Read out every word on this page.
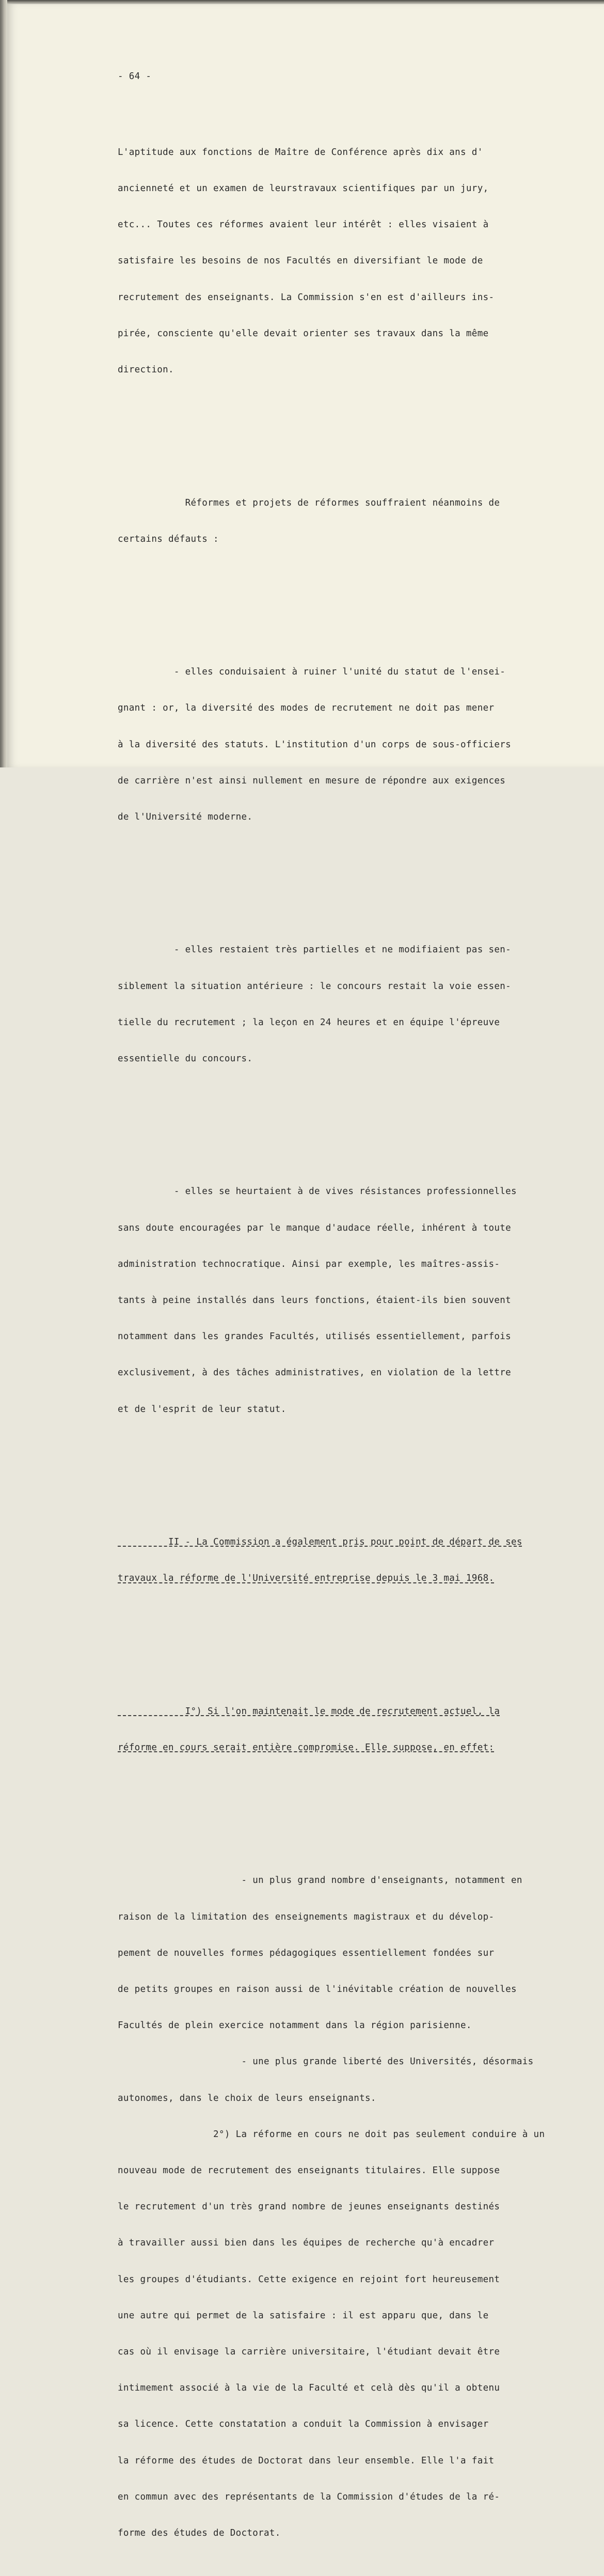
- 64 -

L'aptitude aux fonctions de Maître de Conférence après dix ans d'

ancienneté et un examen de leurstravaux scientifiques par un jury,

etc... Toutes ces réformes avaient leur intérêt : elles visaient à

satisfaire les besoins de nos Facultés en diversifiant le mode de

recrutement des enseignants. La Commission s'en est d'ailleurs ins-

pirée, consciente qu'elle devait orienter ses travaux dans la même

direction.

Réformes et projets de réformes souffraient néanmoins de

certains défauts :

- elles conduisaient à ruiner l'unité du statut de l'ensei-

gnant : or, la diversité des modes de recrutement ne doit pas mener

à la diversité des statuts. L'institution d'un corps de sous-officiers

de carrière n'est ainsi nullement en mesure de répondre aux exigences

de l'Université moderne.

- elles restaient très partielles et ne modifiaient pas sen-

siblement la situation antérieure : le concours restait la voie essen-

tielle du recrutement ; la leçon en 24 heures et en équipe l'épreuve

essentielle du concours.

- elles se heurtaient à de vives résistances professionnelles

sans doute encouragées par le manque d'audace réelle, inhérent à toute

administration technocratique. Ainsi par exemple, les maîtres-assis-

tants à peine installés dans leurs fonctions, étaient-ils bien souvent

notamment dans les grandes Facultés, utilisés essentiellement, parfois

exclusivement, à des tâches administratives, en violation de la lettre

et de l'esprit de leur statut.

II - La Commission a également pris pour point de départ de ses

travaux la réforme de l'Université entreprise depuis le 3 mai 1968.

I°) Si l'on maintenait le mode de recrutement actuel, la

réforme en cours serait entière compromise. Elle suppose, en effet:

- un plus grand nombre d'enseignants, notamment en

raison de la limitation des enseignements magistraux et du dévelop-

pement de nouvelles formes pédagogiques essentiellement fondées sur

de petits groupes en raison aussi de l'inévitable création de nouvelles

Facultés de plein exercice notamment dans la région parisienne.

- une plus grande liberté des Universités, désormais

autonomes, dans le choix de leurs enseignants.

2°) La réforme en cours ne doit pas seulement conduire à un

nouveau mode de recrutement des enseignants titulaires. Elle suppose

le recrutement d'un très grand nombre de jeunes enseignants destinés

à travailler aussi bien dans les équipes de recherche qu'à encadrer

les groupes d'étudiants. Cette exigence en rejoint fort heureusement

une autre qui permet de la satisfaire : il est apparu que, dans le

cas où il envisage la carrière universitaire, l'étudiant devait être

intimement associé à la vie de la Faculté et celà dès qu'il a obtenu

sa licence. Cette constatation a conduit la Commission à envisager

la réforme des études de Doctorat dans leur ensemble. Elle l'a fait

en commun avec des représentants de la Commission d'études de la ré-

forme des études de Doctorat.
